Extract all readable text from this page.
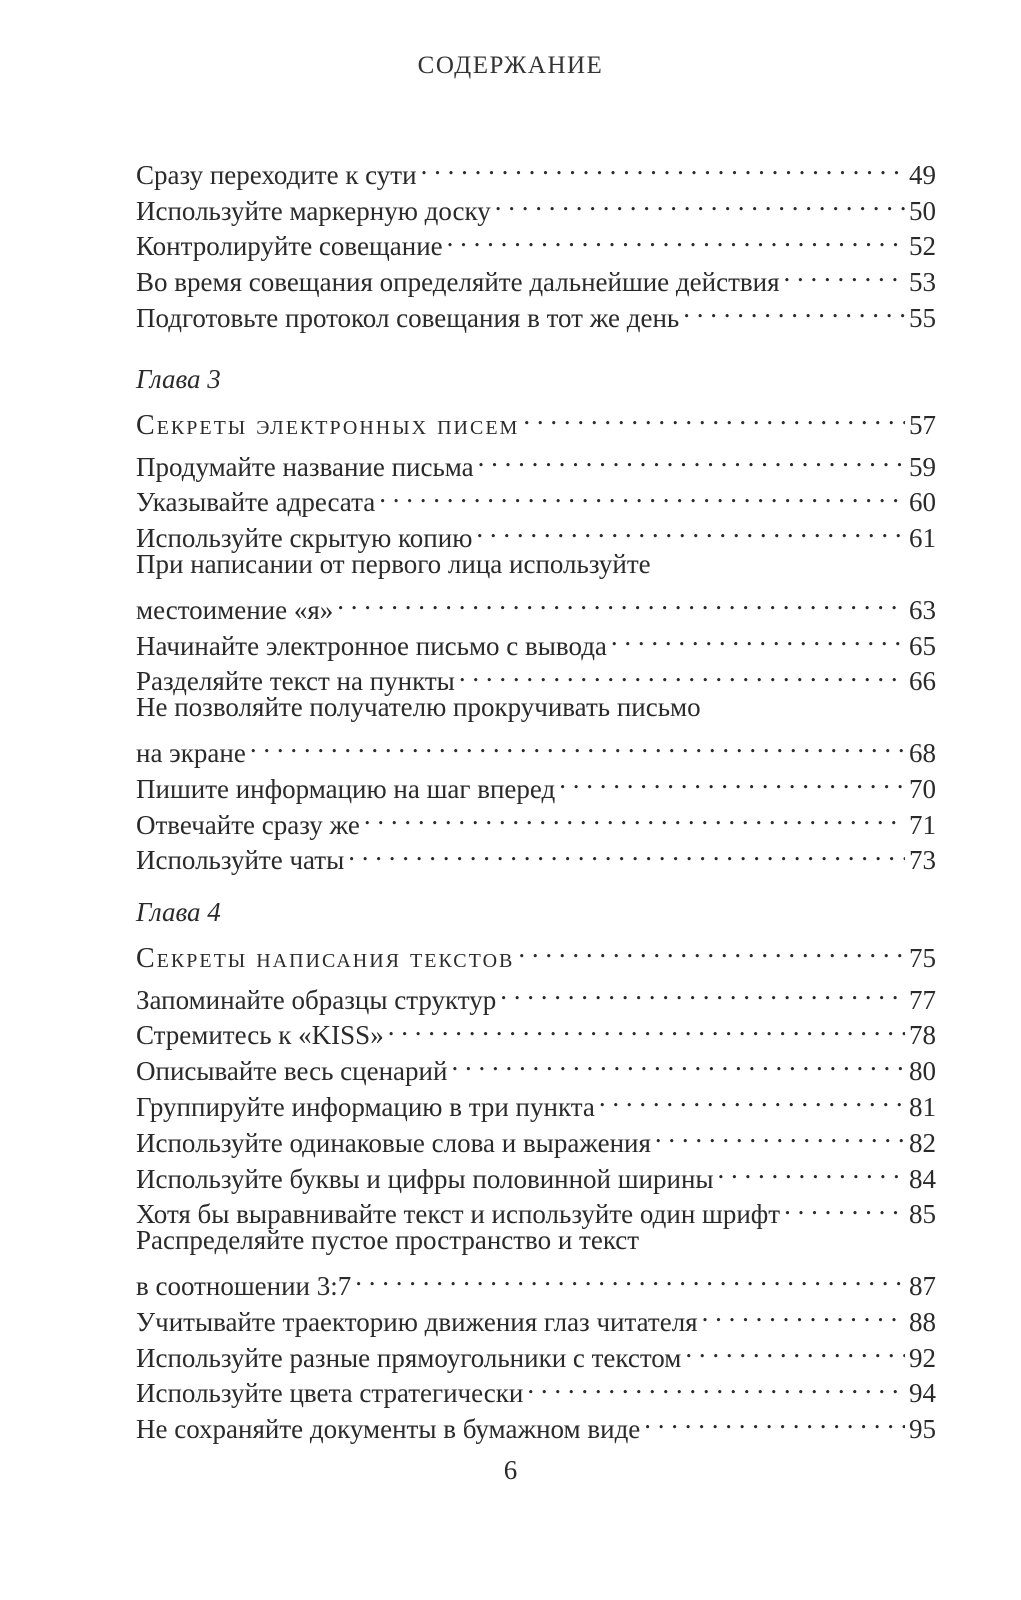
СОДЕРЖАНИЕ
Сразу переходите к сути . . .	49
Используйте маркерную доску . . .	50
Контролируйте совещание . . .	52
Во время совещания определяйте дальнейшие действия . . .	53
Подготовьте протокол совещания в тот же день . . .	55
Глава 3
Секреты электронных писем . . .	57
Продумайте название письма . . .	59
Указывайте адресата . . .	60
Используйте скрытую копию . . .	61
При написании от первого лица используйте
местоимение «я» . . .	63
Начинайте электронное письмо с вывода . . .	65
Разделяйте текст на пункты . . .	66
Не позволяйте получателю прокручивать письмо
на экране . . .	68
Пишите информацию на шаг вперед . . .	70
Отвечайте сразу же . . .	71
Используйте чаты . . .	73
Глава 4
Секреты написания текстов . . .	75
Запоминайте образцы структур . . .	77
Стремитесь к «KISS» . . .	78
Описывайте весь сценарий . . .	80
Группируйте информацию в три пункта . . .	81
Используйте одинаковые слова и выражения . . .	82
Используйте буквы и цифры половинной ширины . . .	84
Хотя бы выравнивайте текст и используйте один шрифт . . .	85
Распределяйте пустое пространство и текст
в соотношении 3:7 . . .	87
Учитывайте траекторию движения глаз читателя . . .	88
Используйте разные прямоугольники с текстом . . .	92
Используйте цвета стратегически . . .	94
Не сохраняйте документы в бумажном виде . . .	95
6
